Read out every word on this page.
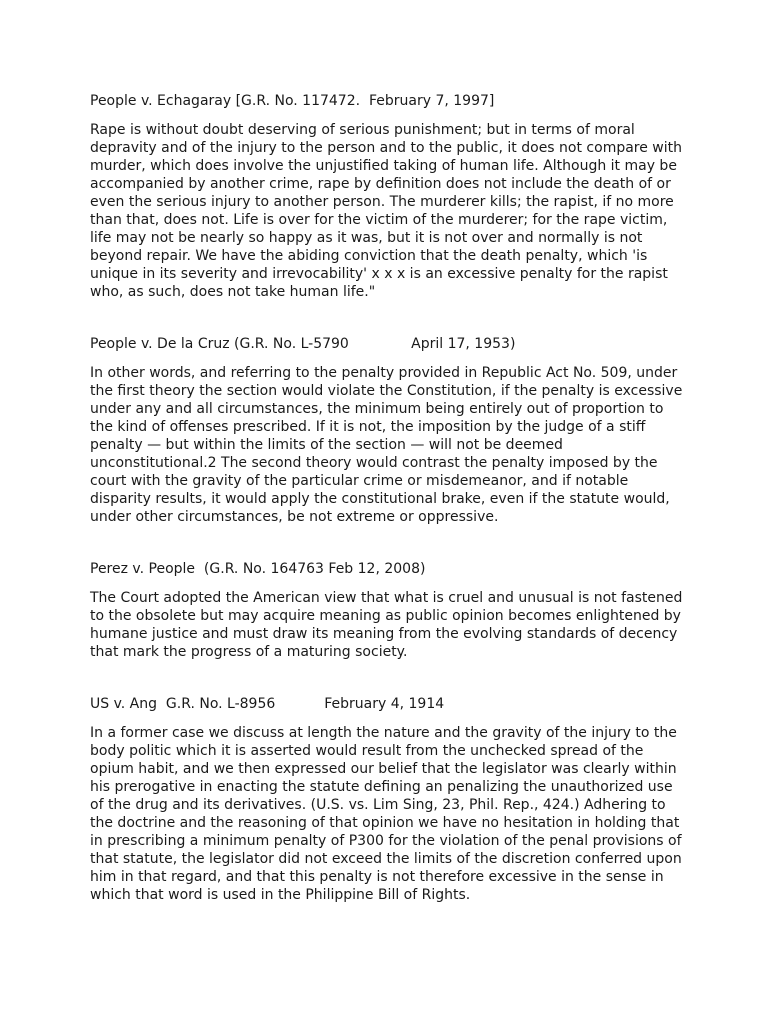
People v. Echagaray [G.R. No. 117472.  February 7, 1997]

Rape is without doubt deserving of serious punishment; but in terms of moral
depravity and of the injury to the person and to the public, it does not compare with
murder, which does involve the unjustified taking of human life. Although it may be
accompanied by another crime, rape by definition does not include the death of or
even the serious injury to another person. The murderer kills; the rapist, if no more
than that, does not. Life is over for the victim of the murderer; for the rape victim,
life may not be nearly so happy as it was, but it is not over and normally is not
beyond repair. We have the abiding conviction that the death penalty, which 'is
unique in its severity and irrevocability' x x x is an excessive penalty for the rapist
who, as such, does not take human life."

People v. De la Cruz (G.R. No. L-5790              April 17, 1953)

In other words, and referring to the penalty provided in Republic Act No. 509, under
the first theory the section would violate the Constitution, if the penalty is excessive
under any and all circumstances, the minimum being entirely out of proportion to
the kind of offenses prescribed. If it is not, the imposition by the judge of a stiff
penalty — but within the limits of the section — will not be deemed
unconstitutional.2 The second theory would contrast the penalty imposed by the
court with the gravity of the particular crime or misdemeanor, and if notable
disparity results, it would apply the constitutional brake, even if the statute would,
under other circumstances, be not extreme or oppressive.

Perez v. People  (G.R. No. 164763 Feb 12, 2008)

The Court adopted the American view that what is cruel and unusual is not fastened
to the obsolete but may acquire meaning as public opinion becomes enlightened by
humane justice and must draw its meaning from the evolving standards of decency
that mark the progress of a maturing society.

US v. Ang  G.R. No. L-8956           February 4, 1914

In a former case we discuss at length the nature and the gravity of the injury to the
body politic which it is asserted would result from the unchecked spread of the
opium habit, and we then expressed our belief that the legislator was clearly within
his prerogative in enacting the statute defining an penalizing the unauthorized use
of the drug and its derivatives. (U.S. vs. Lim Sing, 23, Phil. Rep., 424.) Adhering to
the doctrine and the reasoning of that opinion we have no hesitation in holding that
in prescribing a minimum penalty of P300 for the violation of the penal provisions of
that statute, the legislator did not exceed the limits of the discretion conferred upon
him in that regard, and that this penalty is not therefore excessive in the sense in
which that word is used in the Philippine Bill of Rights.
